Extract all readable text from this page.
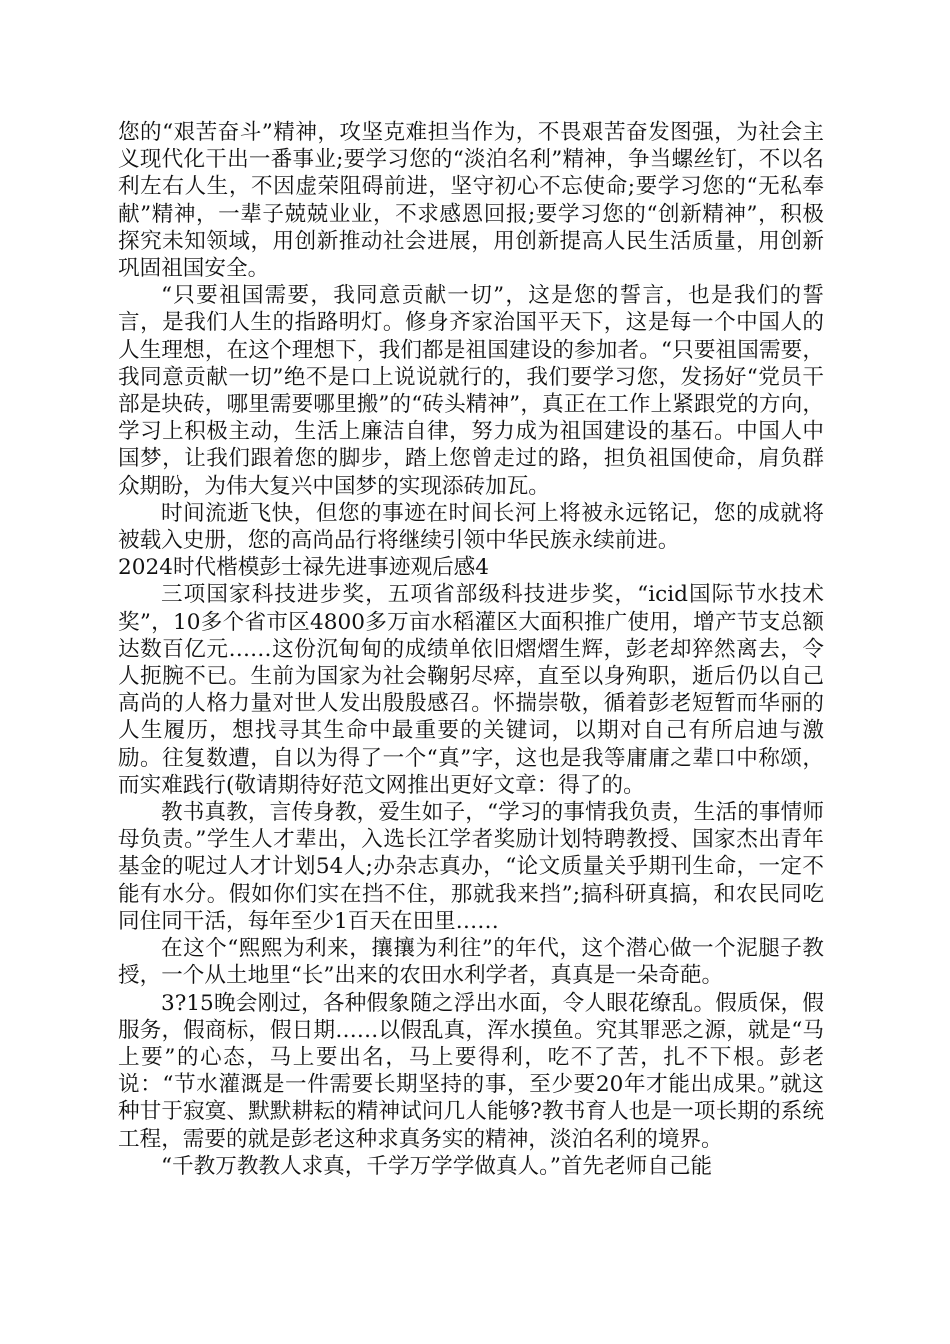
您的“艰苦奋斗”精神，攻坚克难担当作为，不畏艰苦奋发图强，为社会主义现代化干出一番事业;要学习您的“淡泊名利”精神，争当螺丝钉，不以名利左右人生，不因虚荣阻碍前进，坚守初心不忘使命;要学习您的“无私奉献”精神，一辈子兢兢业业，不求感恩回报;要学习您的“创新精神”，积极探究未知领域，用创新推动社会进展，用创新提高人民生活质量，用创新巩固祖国安全。

“只要祖国需要，我同意贡献一切”，这是您的誓言，也是我们的誓言，是我们人生的指路明灯。修身齐家治国平天下，这是每一个中国人的人生理想，在这个理想下，我们都是祖国建设的参加者。“只要祖国需要，我同意贡献一切”绝不是口上说说就行的，我们要学习您，发扬好“党员干部是块砖，哪里需要哪里搬”的“砖头精神”，真正在工作上紧跟党的方向，学习上积极主动，生活上廉洁自律，努力成为祖国建设的基石。中国人中国梦，让我们跟着您的脚步，踏上您曾走过的路，担负祖国使命，肩负群众期盼，为伟大复兴中国梦的实现添砖加瓦。

时间流逝飞快，但您的事迹在时间长河上将被永远铭记，您的成就将被载入史册，您的高尚品行将继续引领中华民族永续前进。

2024时代楷模彭士禄先进事迹观后感4

三项国家科技进步奖，五项省部级科技进步奖，“icid国际节水技术奖”，10多个省市区4800多万亩水稻灌区大面积推广使用，增产节支总额达数百亿元……这份沉甸甸的成绩单依旧熠熠生辉，彭老却猝然离去，令人扼腕不已。生前为国家为社会鞠躬尽瘁，直至以身殉职，逝后仍以自己高尚的人格力量对世人发出殷殷感召。怀揣崇敬，循着彭老短暂而华丽的人生履历，想找寻其生命中最重要的关键词，以期对自己有所启迪与激励。往复数遭，自以为得了一个“真”字，这也是我等庸庸之辈口中称颂，而实难践行(敬请期待好范文网推出更好文章：得了的。

教书真教，言传身教，爱生如子，“学习的事情我负责，生活的事情师母负责。”学生人才辈出，入选长江学者奖励计划特聘教授、国家杰出青年基金的呢过人才计划54人;办杂志真办，“论文质量关乎期刊生命，一定不能有水分。假如你们实在挡不住，那就我来挡”;搞科研真搞，和农民同吃同住同干活，每年至少1百天在田里……

在这个“熙熙为利来，攘攘为利往”的年代，这个潜心做一个泥腿子教授，一个从土地里“长”出来的农田水利学者，真真是一朵奇葩。

3?15晚会刚过，各种假象随之浮出水面，令人眼花缭乱。假质保，假服务，假商标，假日期……以假乱真，浑水摸鱼。究其罪恶之源，就是“马上要”的心态，马上要出名，马上要得利，吃不了苦，扎不下根。彭老说：“节水灌溉是一件需要长期坚持的事，至少要20年才能出成果。”就这种甘于寂寞、默默耕耘的精神试问几人能够?教书育人也是一项长期的系统工程，需要的就是彭老这种求真务实的精神，淡泊名利的境界。

“千教万教教人求真，千学万学学做真人。”首先老师自己能
